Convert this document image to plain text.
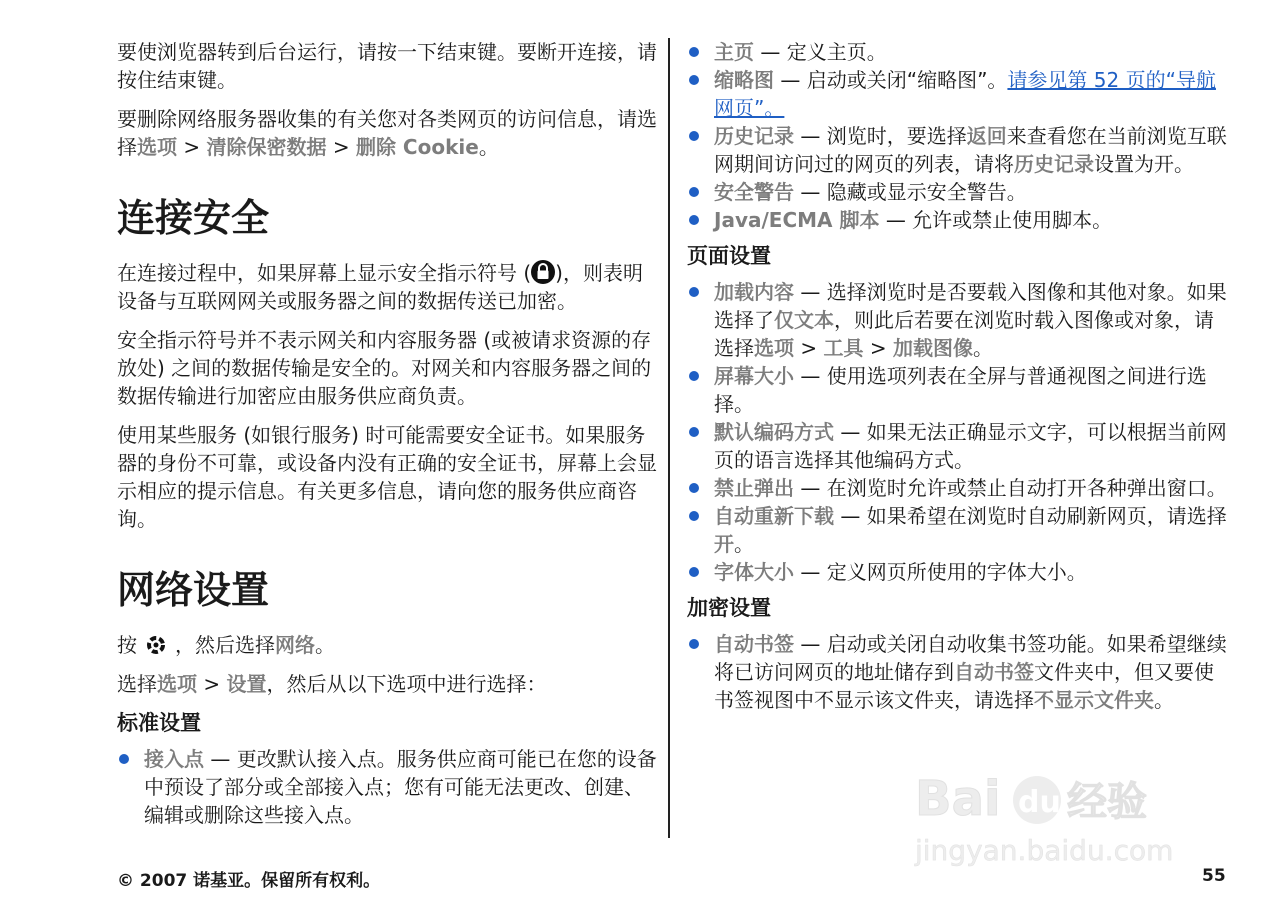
要使浏览器转到后台运行，请按一下结束键。要断开连接，请按住结束键。

要删除网络服务器收集的有关您对各类网页的访问信息，请选择选项 > 清除保密数据 > 删除 Cookie。

连接安全

在连接过程中，如果屏幕上显示安全指示符号 ( )，则表明设备与互联网网关或服务器之间的数据传送已加密。

安全指示符号并不表示网关和内容服务器 (或被请求资源的存放处) 之间的数据传输是安全的。对网关和内容服务器之间的数据传输进行加密应由服务供应商负责。

使用某些服务 (如银行服务) 时可能需要安全证书。如果服务器的身份不可靠，或设备内没有正确的安全证书，屏幕上会显示相应的提示信息。有关更多信息，请向您的服务供应商咨询。

网络设置

按 ，然后选择网络。

选择选项 > 设置，然后从以下选项中进行选择：

标准设置
接入点 — 更改默认接入点。服务供应商可能已在您的设备中预设了部分或全部接入点；您有可能无法更改、创建、编辑或删除这些接入点。
主页 — 定义主页。
缩略图 — 启动或关闭“缩略图”。请参见第 52 页的“导航网页”。
历史记录 — 浏览时，要选择返回来查看您在当前浏览互联网期间访问过的网页的列表，请将历史记录设置为开。
安全警告 — 隐藏或显示安全警告。
Java/ECMA 脚本 — 允许或禁止使用脚本。
页面设置
加载内容 — 选择浏览时是否要载入图像和其他对象。如果选择了仅文本，则此后若要在浏览时载入图像或对象，请选择选项 > 工具 > 加载图像。
屏幕大小 — 使用选项列表在全屏与普通视图之间进行选择。
默认编码方式 — 如果无法正确显示文字，可以根据当前网页的语言选择其他编码方式。
禁止弹出 — 在浏览时允许或禁止自动打开各种弹出窗口。
自动重新下载 — 如果希望在浏览时自动刷新网页，请选择开。
字体大小 — 定义网页所使用的字体大小。
加密设置
自动书签 — 启动或关闭自动收集书签功能。如果希望继续将已访问网页的地址储存到自动书签文件夹中，但又要使书签视图中不显示该文件夹，请选择不显示文件夹。
© 2007 诺基亚。保留所有权利。	55
Bai du 经验
jingyan.baidu.com
